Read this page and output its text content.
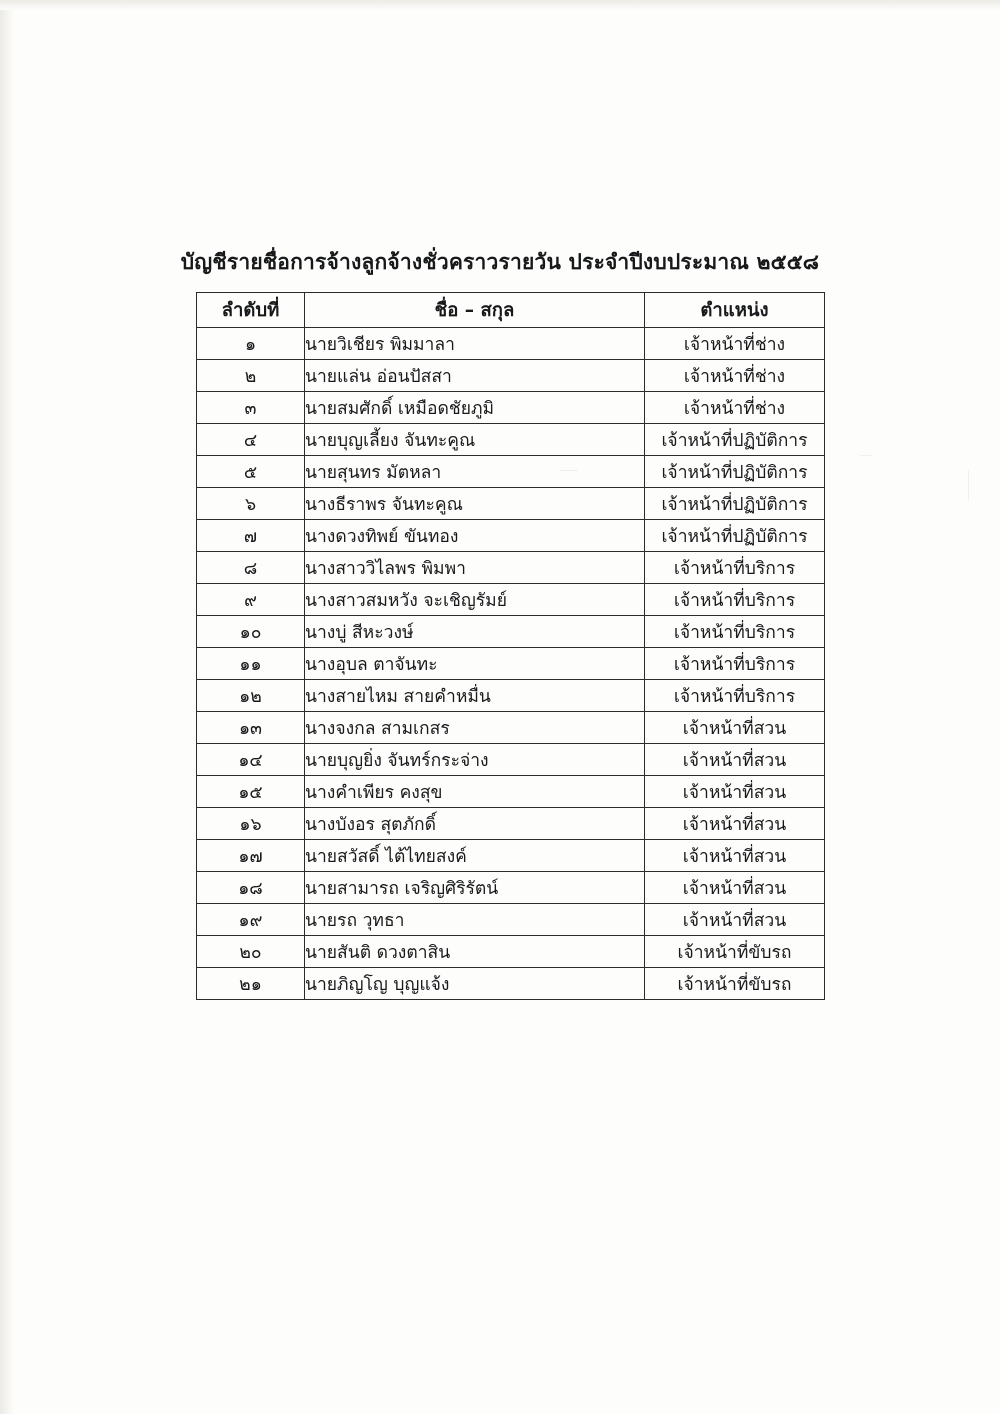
บัญชีรายชื่อการจ้างลูกจ้างชั่วคราวรายวัน ประจำปีงบประมาณ ๒๕๕๘
ลำดับที่	ชื่อ – สกุล	ตำแหน่ง
๑	นายวิเชียร พิมมาลา	เจ้าหน้าที่ช่าง
๒	นายแล่น อ่อนปัสสา	เจ้าหน้าที่ช่าง
๓	นายสมศักดิ์ เหมือดชัยภูมิ	เจ้าหน้าที่ช่าง
๔	นายบุญเลี้ยง จันทะคูณ	เจ้าหน้าที่ปฏิบัติการ
๕	นายสุนทร มัตหลา	เจ้าหน้าที่ปฏิบัติการ
๖	นางธีราพร จันทะคูณ	เจ้าหน้าที่ปฏิบัติการ
๗	นางดวงทิพย์ ขันทอง	เจ้าหน้าที่ปฏิบัติการ
๘	นางสาววิไลพร พิมพา	เจ้าหน้าที่บริการ
๙	นางสาวสมหวัง จะเชิญรัมย์	เจ้าหน้าที่บริการ
๑๐	นางบู่ สีหะวงษ์	เจ้าหน้าที่บริการ
๑๑	นางอุบล ตาจันทะ	เจ้าหน้าที่บริการ
๑๒	นางสายไหม สายคำหมื่น	เจ้าหน้าที่บริการ
๑๓	นางจงกล สามเกสร	เจ้าหน้าที่สวน
๑๔	นายบุญยิ่ง จันทร์กระจ่าง	เจ้าหน้าที่สวน
๑๕	นางคำเพียร คงสุข	เจ้าหน้าที่สวน
๑๖	นางบังอร สุตภักดิ์	เจ้าหน้าที่สวน
๑๗	นายสวัสดิ์ ไต้ไทยสงค์	เจ้าหน้าที่สวน
๑๘	นายสามารถ เจริญศิริรัตน์	เจ้าหน้าที่สวน
๑๙	นายรถ วุทธา	เจ้าหน้าที่สวน
๒๐	นายสันติ ดวงตาสิน	เจ้าหน้าที่ขับรถ
๒๑	นายภิญโญ บุญแจ้ง	เจ้าหน้าที่ขับรถ
